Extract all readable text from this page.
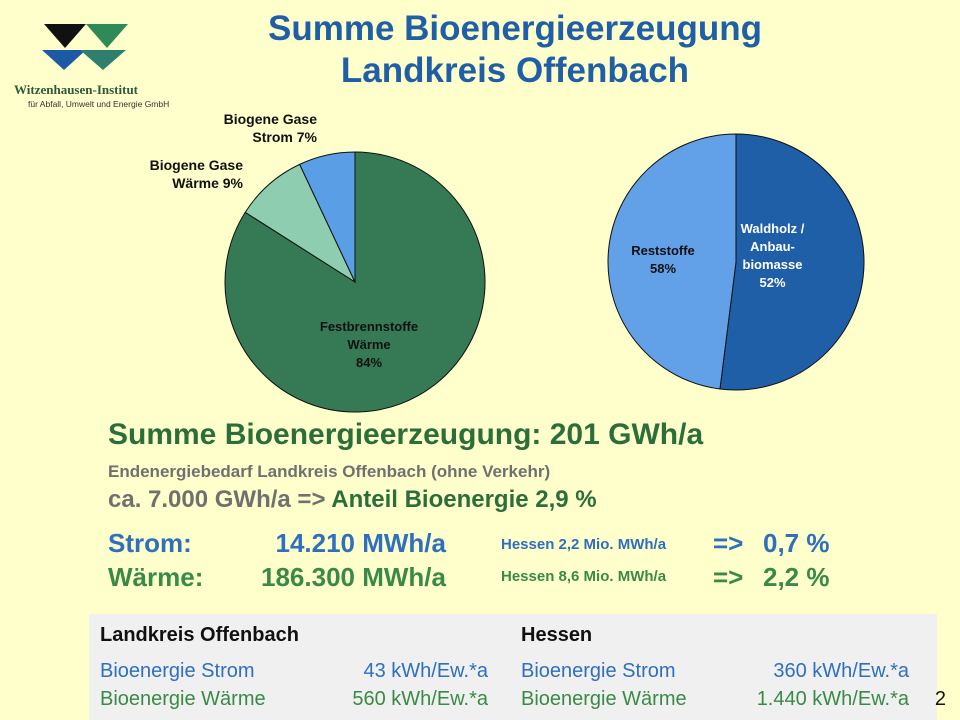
Witzenhausen-Institut
für Abfall, Umwelt und Energie GmbH
Summe Bioenergieerzeugung
Landkreis Offenbach
Biogene Gase
Strom 7%
Biogene Gase
Wärme 9%
Festbrennstoffe
Wärme
84%
Waldholz /
Anbau-
biomasse
52%
Reststoffe
58%
Summe Bioenergieerzeugung: 201 GWh/a
Endenergiebedarf Landkreis Offenbach (ohne Verkehr)
ca. 7.000 GWh/a => Anteil Bioenergie 2,9 %
Strom:	14.210 MWh/a	Hessen 2,2 Mio. MWh/a => 0,7 %
Wärme:	186.300 MWh/a	Hessen 8,6 Mio. MWh/a => 2,2 %
Landkreis Offenbach	Hessen
Bioenergie Strom	43 kWh/Ew.*a Bioenergie Strom	360 kWh/Ew.*a
Bioenergie Wärme	560 kWh/Ew.*a Bioenergie Wärme	1.440 kWh/Ew.*a 2
